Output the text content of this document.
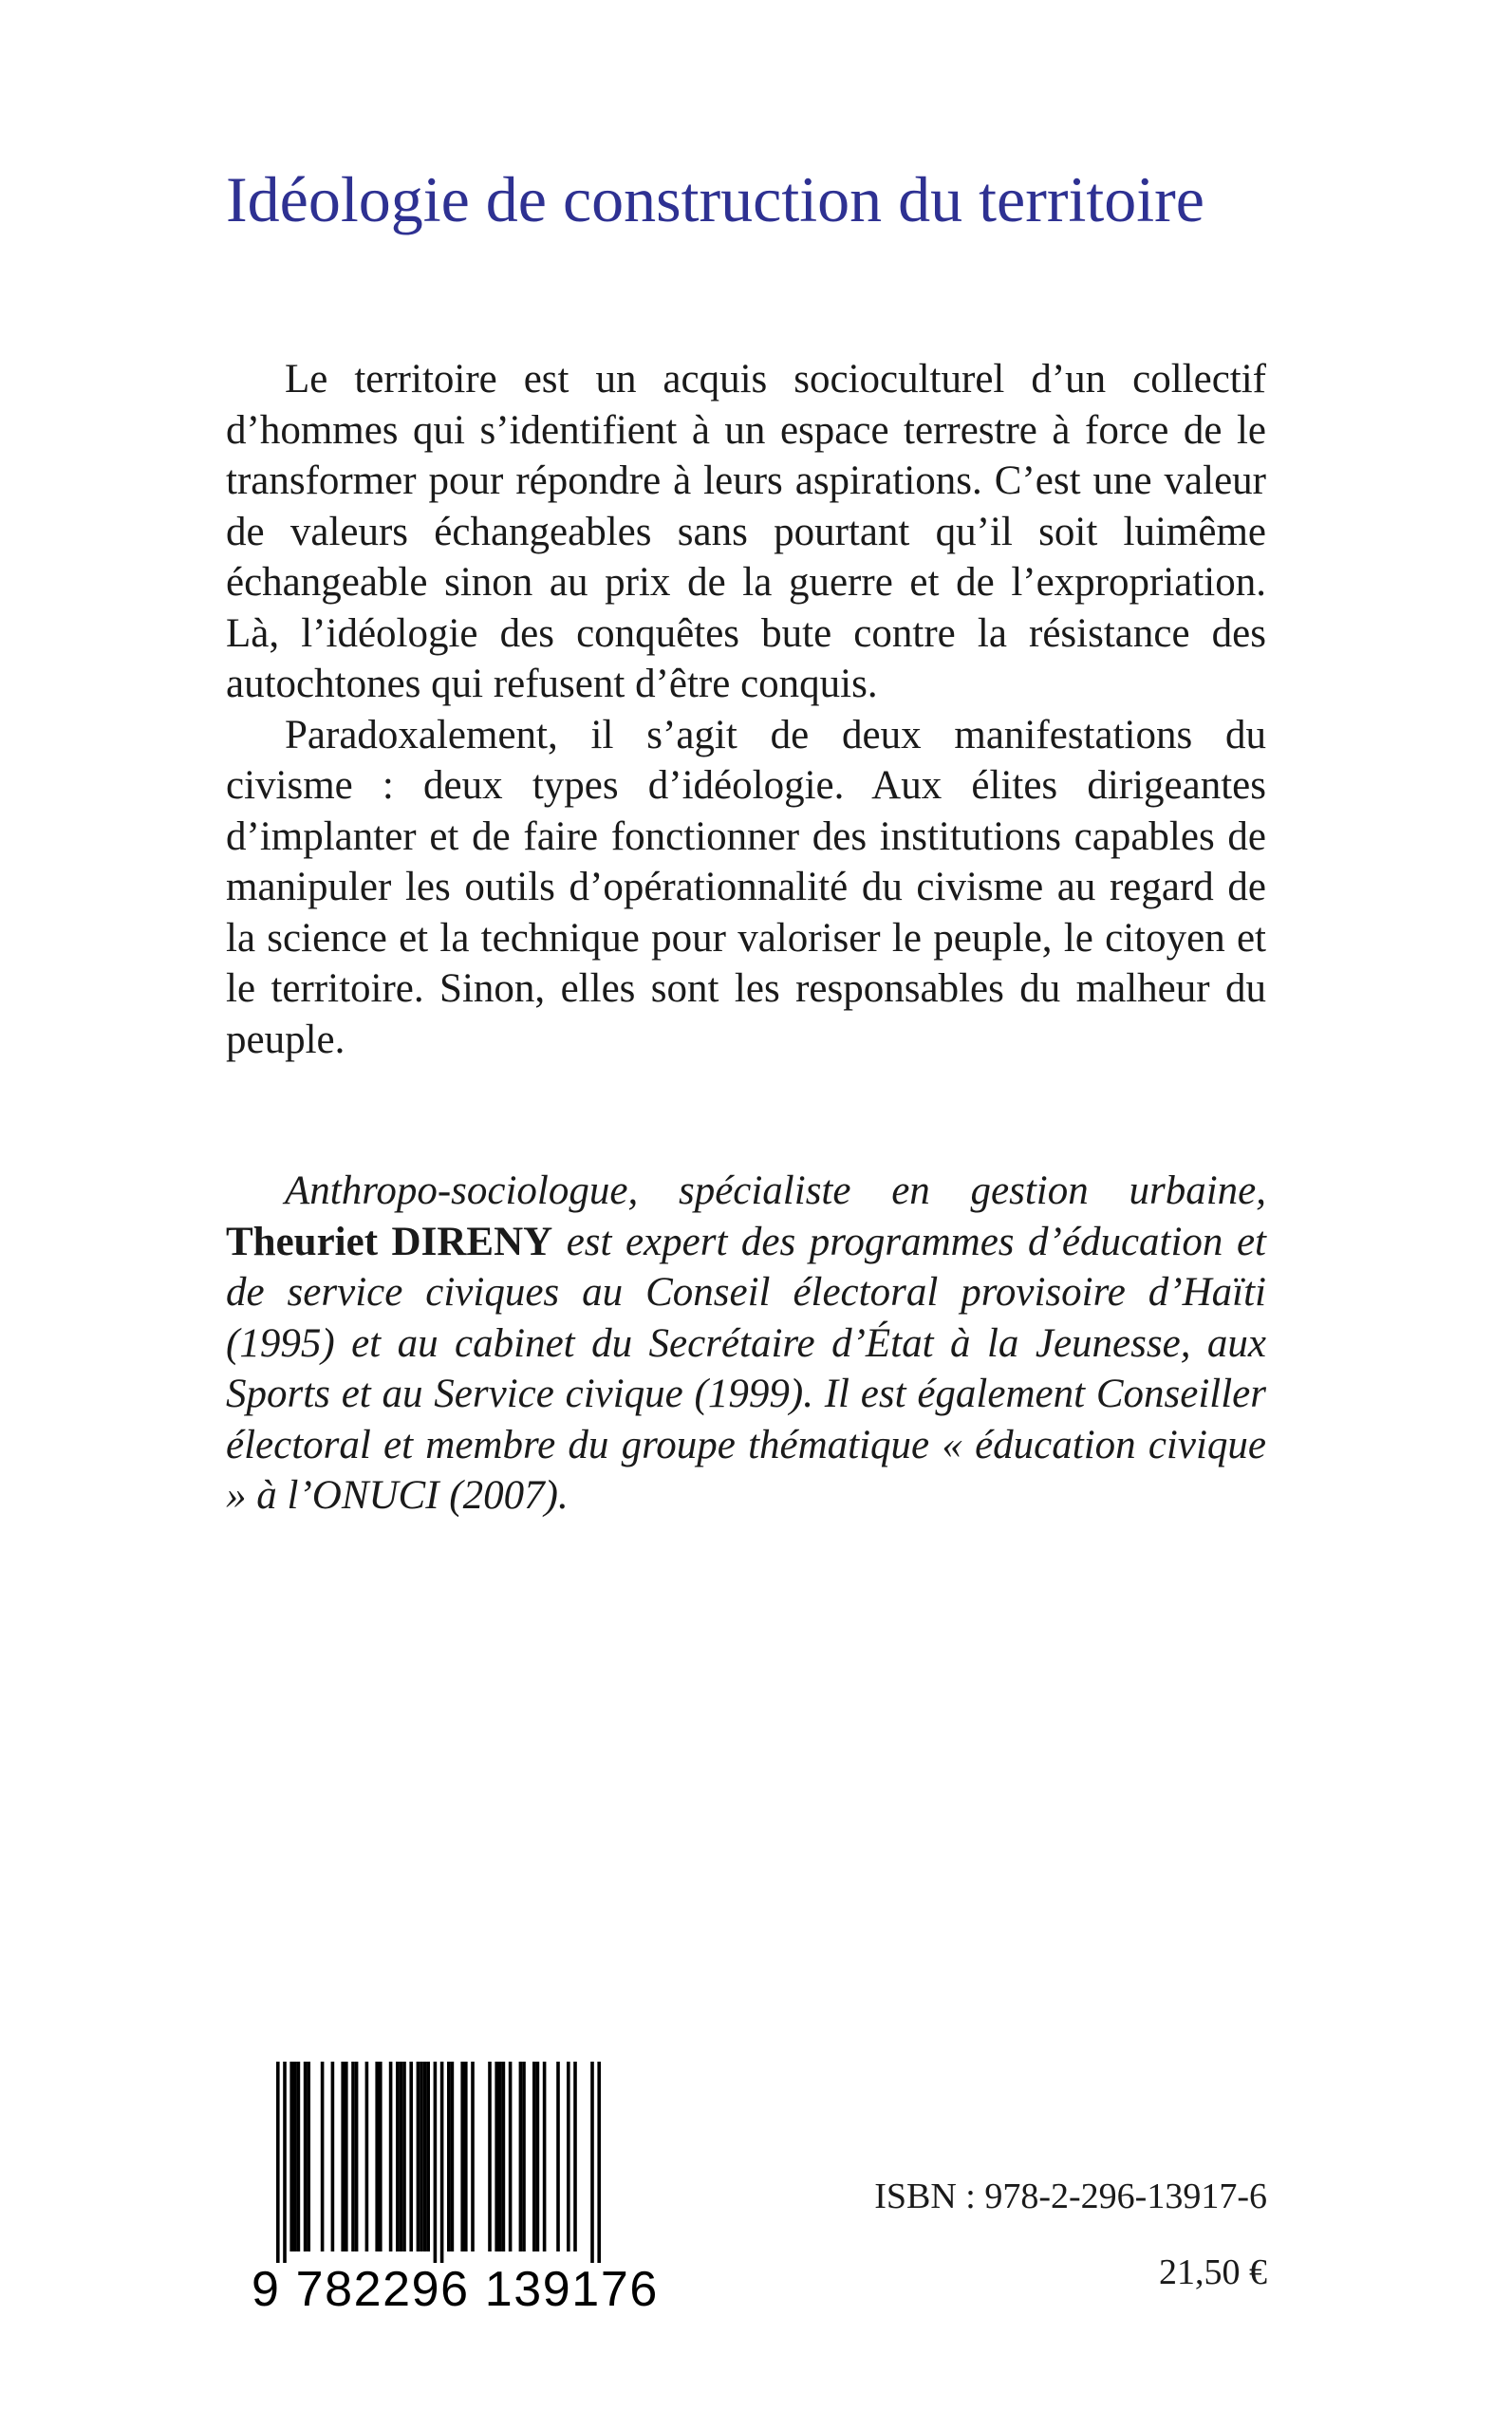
Idéologie de construction du territoire

Le territoire est un acquis socioculturel d’un collectif d’hommes qui s’identifient à un espace terrestre à force de le transformer pour répondre à leurs aspirations. C’est une valeur de valeurs échangeables sans pourtant qu’il soit luimême échangeable sinon au prix de la guerre et de l’expropriation. Là, l’idéologie des conquêtes bute contre la résistance des autochtones qui refusent d’être conquis.

Paradoxalement, il s’agit de deux manifestations du civisme : deux types d’idéologie. Aux élites dirigeantes d’implanter et de faire fonctionner des institutions capables de manipuler les outils d’opérationnalité du civisme au regard de la science et la technique pour valoriser le peuple, le citoyen et le territoire. Sinon, elles sont les responsables du malheur du peuple.

Anthropo-sociologue, spécialiste en gestion urbaine, Theuriet DIRENY est expert des programmes d’éducation et de service civiques au Conseil électoral provisoire d’Haïti (1995) et au cabinet du Secrétaire d’État à la Jeunesse, aux Sports et au Service civique (1999). Il est également Conseiller électoral et membre du groupe thématique « éducation civique » à l’ONUCI (2007).

9 782296 139176
ISBN : 978-2-296-13917-6
21,50 €
